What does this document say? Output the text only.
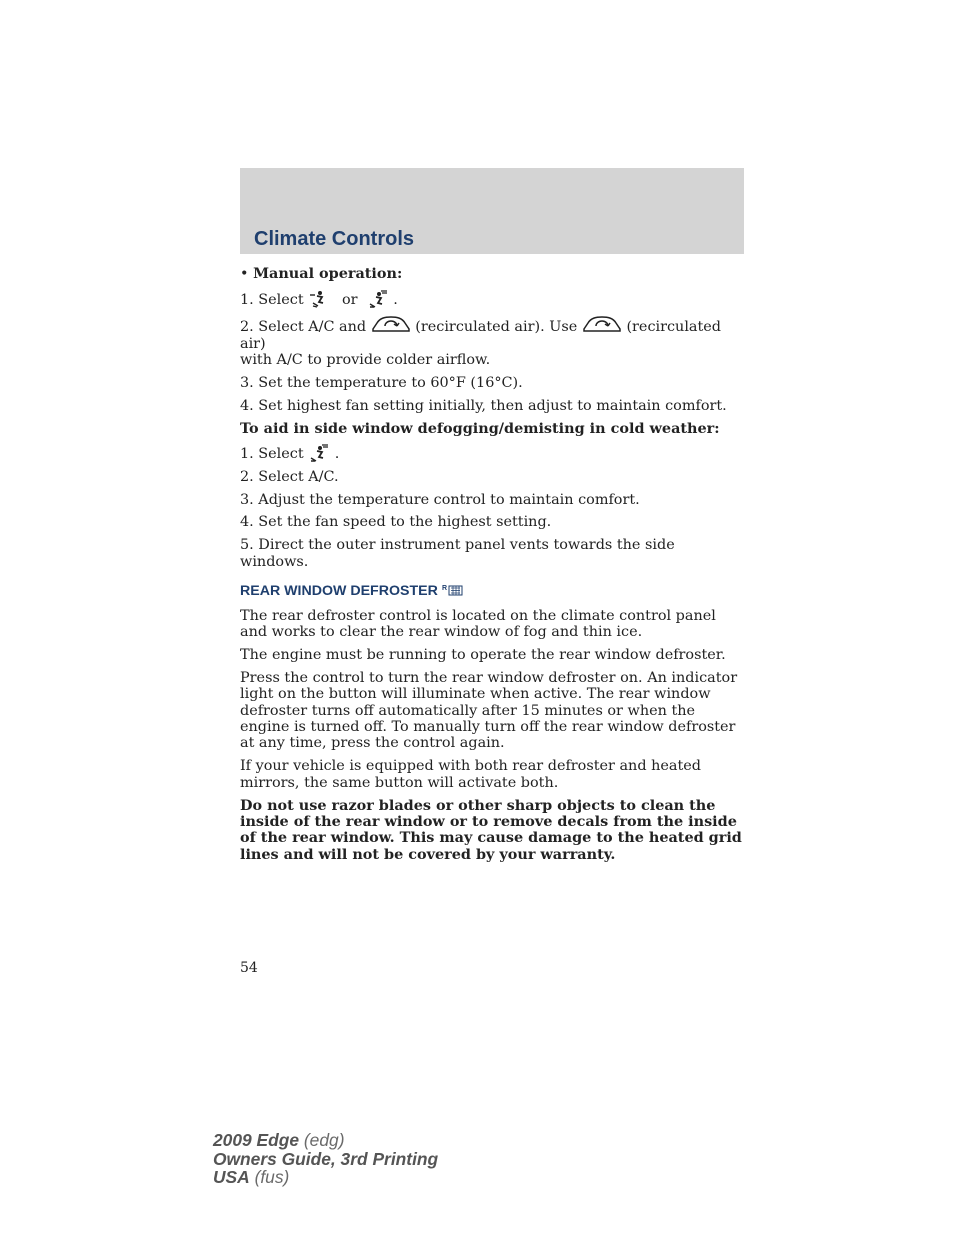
Climate Controls
• Manual operation:
1. Select	or .
2. Select A/C and	(recirculated air). Use	(recirculated air)
with A/C to provide colder airflow.
3. Set the temperature to 60°F (16°C).
4. Set highest fan setting initially, then adjust to maintain comfort.
To aid in side window defogging/demisting in cold weather:
1. Select .
2. Select A/C.
3. Adjust the temperature control to maintain comfort.
4. Set the fan speed to the highest setting.
5. Direct the outer instrument panel vents towards the side windows.
REAR WINDOW DEFROSTER R
The rear defroster control is located on the climate control panel and works to clear the rear window of fog and thin ice.
The engine must be running to operate the rear window defroster.
Press the control to turn the rear window defroster on. An indicator light on the button will illuminate when active. The rear window defroster turns off automatically after 15 minutes or when the engine is turned off. To manually turn off the rear window defroster at any time, press the control again.
If your vehicle is equipped with both rear defroster and heated mirrors, the same button will activate both.
Do not use razor blades or other sharp objects to clean the inside of the rear window or to remove decals from the inside of the rear window. This may cause damage to the heated grid lines and will not be covered by your warranty.
54
2009 Edge (edg)
Owners Guide, 3rd Printing
USA (fus)
